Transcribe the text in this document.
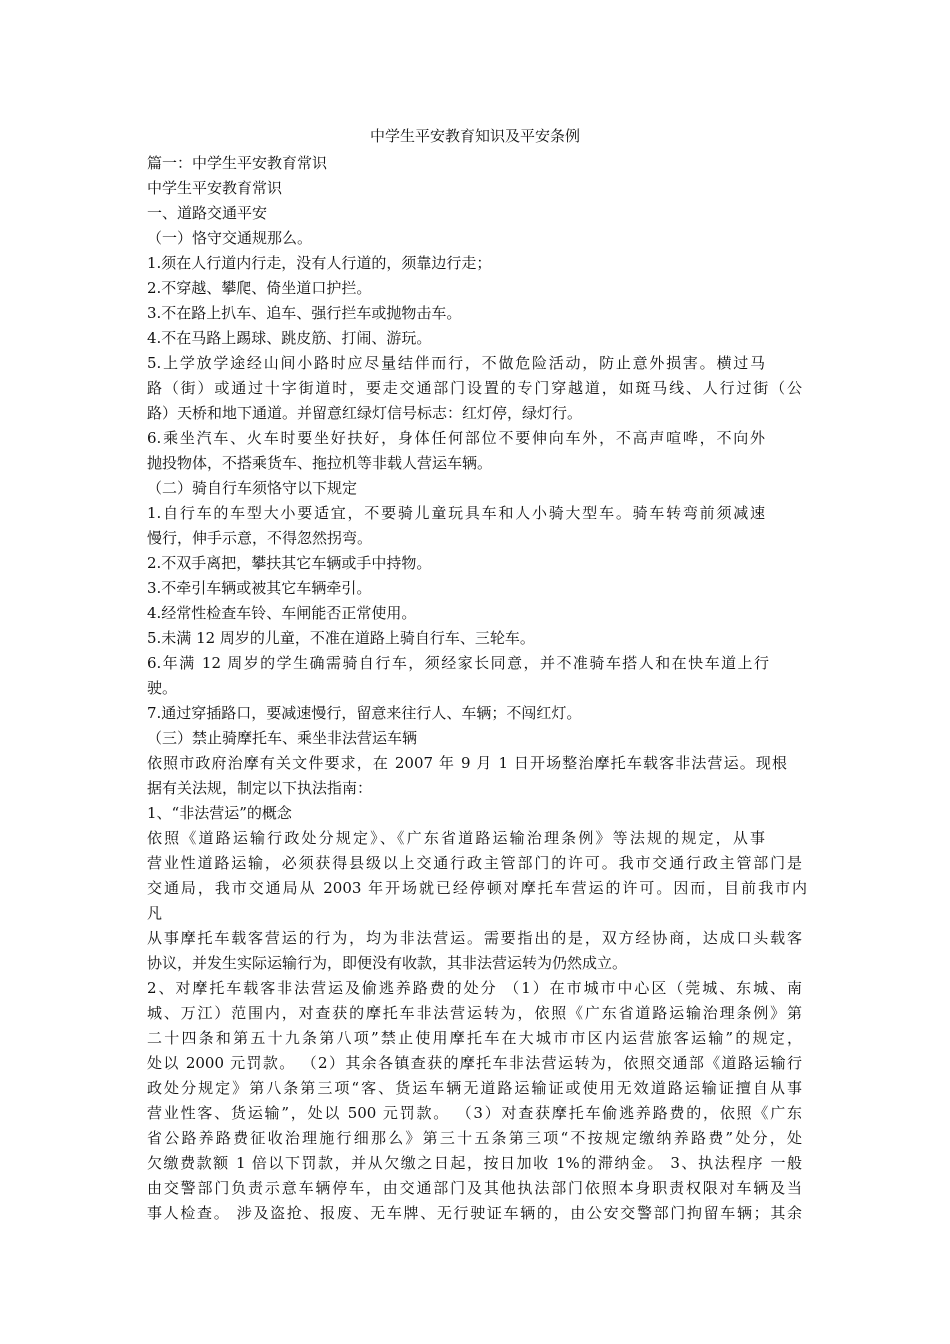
中学生平安教育知识及平安条例
篇一：中学生平安教育常识
中学生平安教育常识
一、道路交通平安
（一）恪守交通规那么。
1.须在人行道内行走，没有人行道的，须靠边行走；
2.不穿越、攀爬、倚坐道口护拦。
3.不在路上扒车、追车、强行拦车或抛物击车。
4.不在马路上踢球、跳皮筋、打闹、游玩。
5.上学放学途经山间小路时应尽量结伴而行，不做危险活动，防止意外损害。横过马
路（街）或通过十字街道时，要走交通部门设置的专门穿越道，如斑马线、人行过街（公
路）天桥和地下通道。并留意红绿灯信号标志：红灯停，绿灯行。
6.乘坐汽车、火车时要坐好扶好，身体任何部位不要伸向车外，不高声喧哗，不向外
抛投物体，不搭乘货车、拖拉机等非载人营运车辆。
（二）骑自行车须恪守以下规定
1.自行车的车型大小要适宜，不要骑儿童玩具车和人小骑大型车。骑车转弯前须减速
慢行，伸手示意，不得忽然拐弯。
2.不双手离把，攀扶其它车辆或手中持物。
3.不牵引车辆或被其它车辆牵引。
4.经常性检查车铃、车闸能否正常使用。
5.未满 12 周岁的儿童，不准在道路上骑自行车、三轮车。
6.年满 12 周岁的学生确需骑自行车，须经家长同意，并不准骑车搭人和在快车道上行
驶。
7.通过穿插路口，要减速慢行，留意来往行人、车辆；不闯红灯。
（三）禁止骑摩托车、乘坐非法营运车辆
依照市政府治摩有关文件要求，在 2007 年 9 月 1 日开场整治摩托车载客非法营运。现根
据有关法规，制定以下执法指南：
1、“非法营运”的概念
依照《道路运输行政处分规定》、《广东省道路运输治理条例》等法规的规定，从事
营业性道路运输，必须获得县级以上交通行政主管部门的许可。我市交通行政主管部门是
交通局，我市交通局从 2003 年开场就已经停顿对摩托车营运的许可。因而，目前我市内
凡
从事摩托车载客营运的行为，均为非法营运。需要指出的是，双方经协商，达成口头载客
协议，并发生实际运输行为，即便没有收款，其非法营运转为仍然成立。
2、对摩托车载客非法营运及偷逃养路费的处分 （1）在市城市中心区（莞城、东城、南
城、万江）范围内，对查获的摩托车非法营运转为，依照《广东省道路运输治理条例》第
二十四条和第五十九条第八项”禁止使用摩托车在大城市市区内运营旅客运输”的规定，
处以 2000 元罚款。 （2）其余各镇查获的摩托车非法营运转为，依照交通部《道路运输行
政处分规定》第八条第三项“客、货运车辆无道路运输证或使用无效道路运输证擅自从事
营业性客、货运输”，处以 500 元罚款。 （3）对查获摩托车偷逃养路费的，依照《广东
省公路养路费征收治理施行细那么》第三十五条第三项“不按规定缴纳养路费”处分，处
欠缴费款额 1 倍以下罚款，并从欠缴之日起，按日加收 1%的滞纳金。 3、执法程序 一般
由交警部门负责示意车辆停车，由交通部门及其他执法部门依照本身职责权限对车辆及当
事人检查。 涉及盗抢、报废、无车牌、无行驶证车辆的，由公安交警部门拘留车辆；其余
